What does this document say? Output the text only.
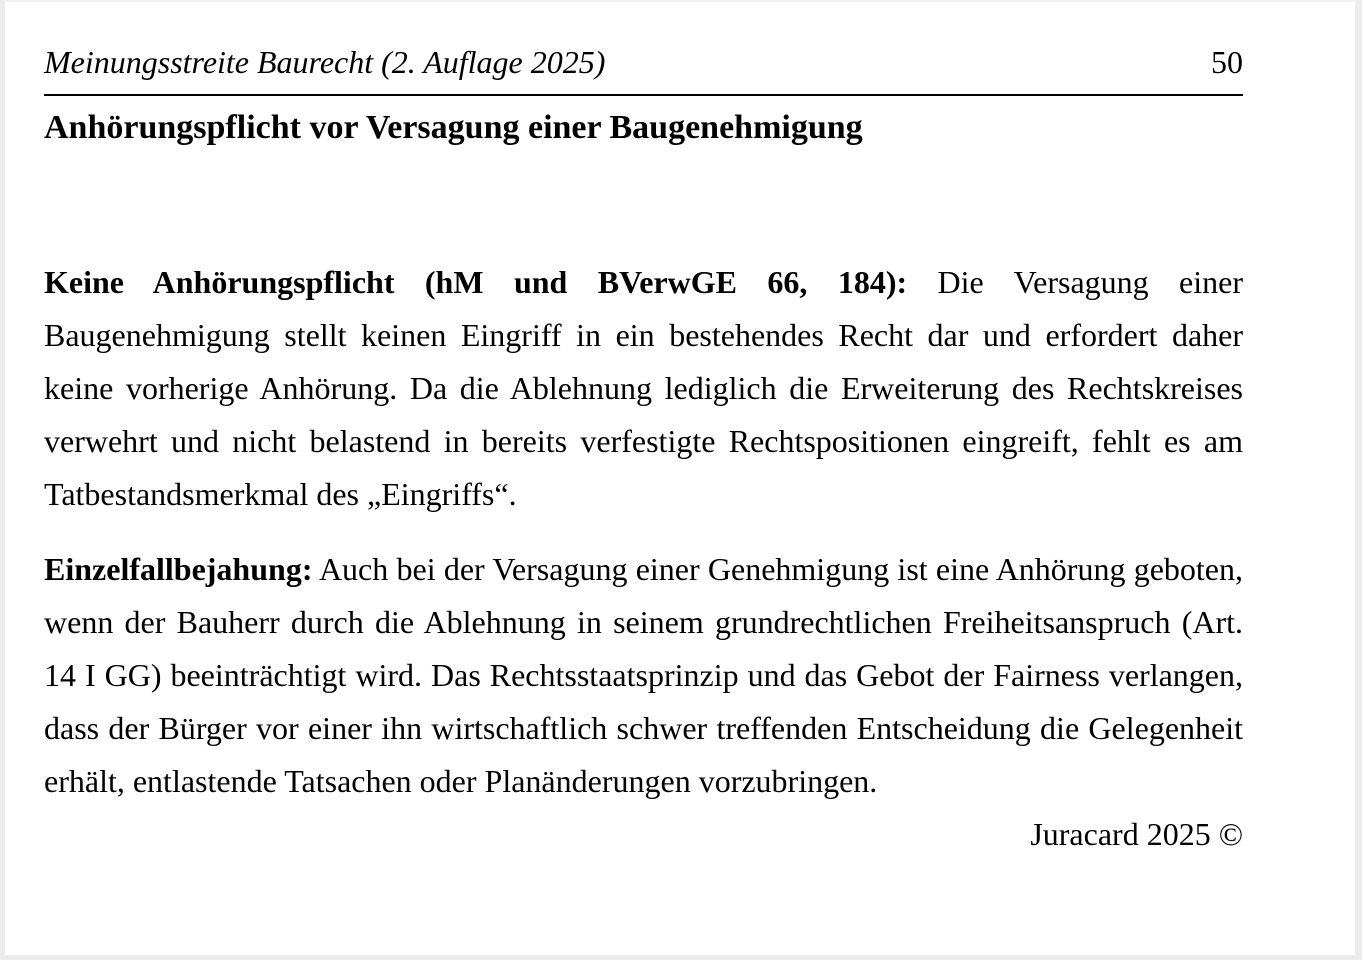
Meinungsstreite Baurecht (2. Auflage 2025)	50
Anhörungspflicht vor Versagung einer Baugenehmigung

Keine Anhörungspflicht (hM und BVerwGE 66, 184): Die Versagung einer Baugenehmigung stellt keinen Eingriff in ein bestehendes Recht dar und erfordert daher keine vorherige Anhörung. Da die Ablehnung lediglich die Erweiterung des Rechtskreises verwehrt und nicht belastend in bereits verfestigte Rechtspositionen eingreift, fehlt es am Tatbestandsmerkmal des „Eingriffs“.

Einzelfallbejahung: Auch bei der Versagung einer Genehmigung ist eine Anhörung geboten, wenn der Bauherr durch die Ablehnung in seinem grundrechtlichen Freiheitsanspruch (Art. 14 I GG) beeinträchtigt wird. Das Rechtsstaatsprinzip und das Gebot der Fairness verlangen, dass der Bürger vor einer ihn wirtschaftlich schwer treffenden Entscheidung die Gelegenheit erhält, entlastende Tatsachen oder Planänderungen vorzubringen.

Juracard 2025 ©
